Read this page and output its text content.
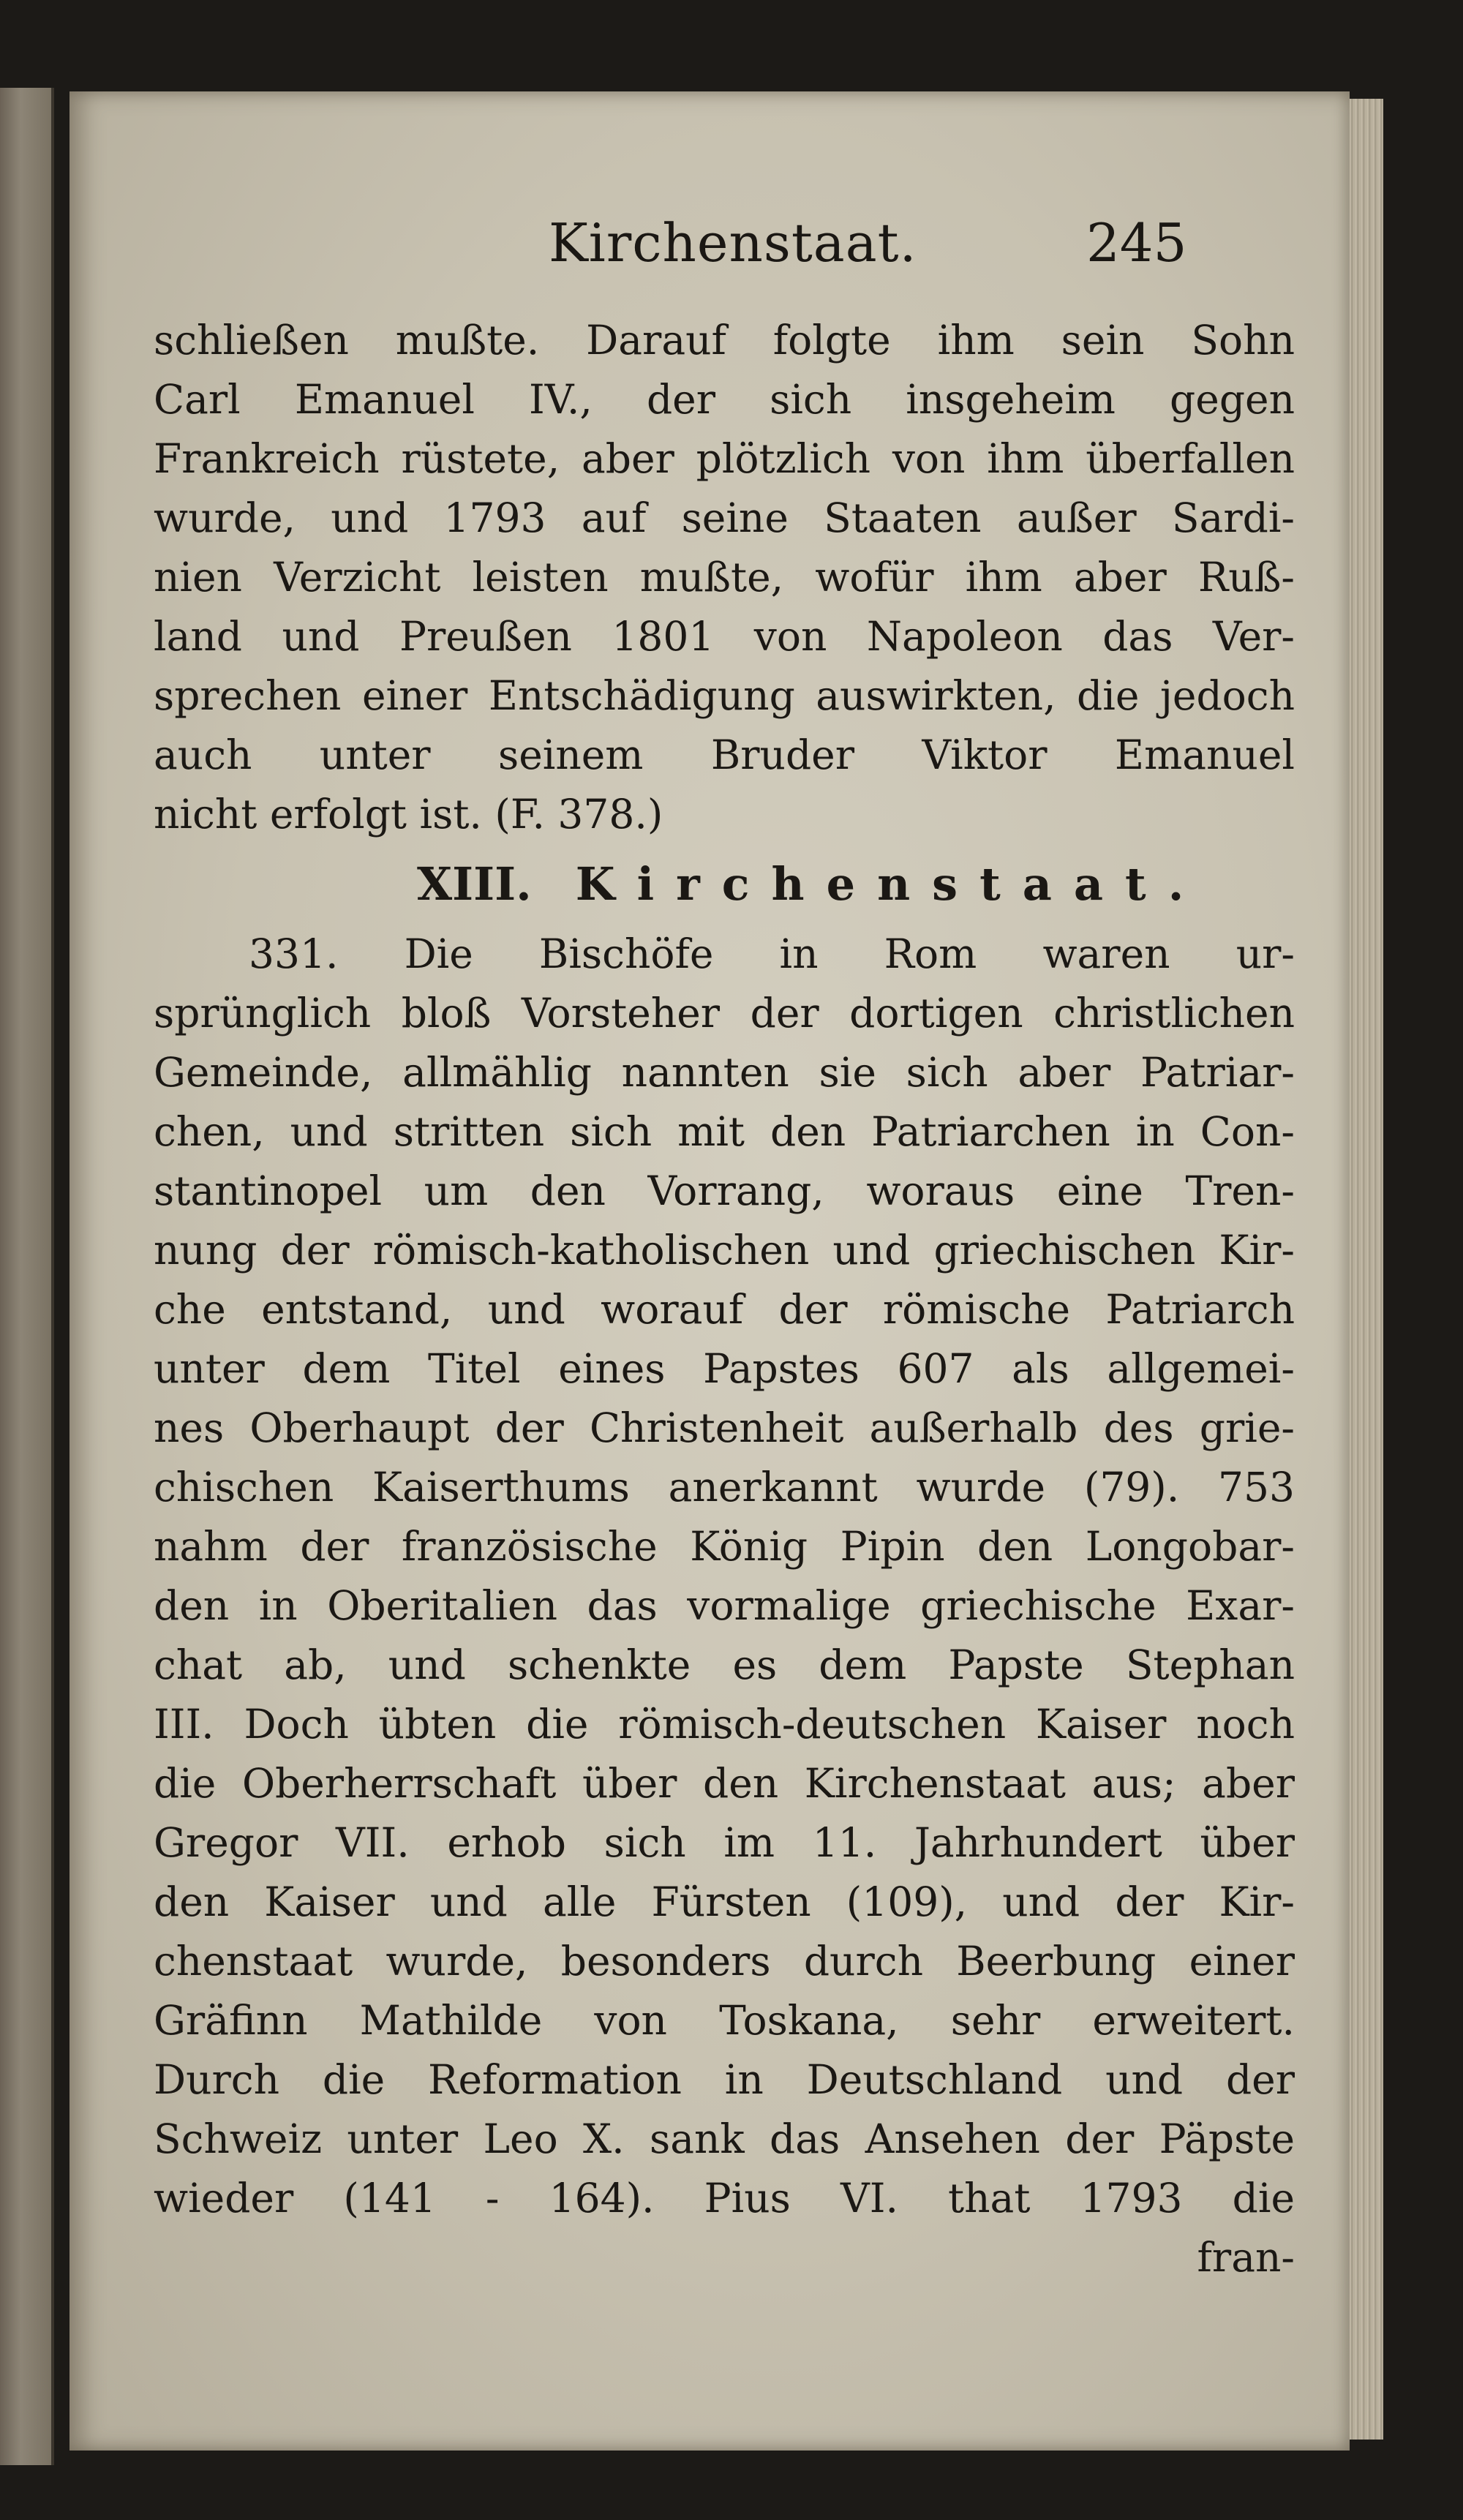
Kirchenstaat.	245
schließen mußte. Darauf folgte ihm sein Sohn
Carl Emanuel IV., der sich insgeheim gegen
Frankreich rüstete, aber plötzlich von ihm überfallen
wurde, und 1793 auf seine Staaten außer Sardi-
nien Verzicht leisten mußte, wofür ihm aber Ruß-
land und Preußen 1801 von Napoleon das Ver-
sprechen einer Entschädigung auswirkten, die jedoch
auch unter seinem Bruder Viktor Emanuel
nicht erfolgt ist. (F. 378.)
XIII. Kirchenstaat.
331. Die Bischöfe in Rom waren ur-
sprünglich bloß Vorsteher der dortigen christlichen
Gemeinde, allmählig nannten sie sich aber Patriar-
chen, und stritten sich mit den Patriarchen in Con-
stantinopel um den Vorrang, woraus eine Tren-
nung der römisch-katholischen und griechischen Kir-
che entstand, und worauf der römische Patriarch
unter dem Titel eines Papstes 607 als allgemei-
nes Oberhaupt der Christenheit außerhalb des grie-
chischen Kaiserthums anerkannt wurde (79). 753
nahm der französische König Pipin den Longobar-
den in Oberitalien das vormalige griechische Exar-
chat ab, und schenkte es dem Papste Stephan
III. Doch übten die römisch-deutschen Kaiser noch
die Oberherrschaft über den Kirchenstaat aus; aber
Gregor VII. erhob sich im 11. Jahrhundert über
den Kaiser und alle Fürsten (109), und der Kir-
chenstaat wurde, besonders durch Beerbung einer
Gräfinn Mathilde von Toskana, sehr erweitert.
Durch die Reformation in Deutschland und der
Schweiz unter Leo X. sank das Ansehen der Päpste
wieder (141 - 164). Pius VI. that 1793 die
fran-
